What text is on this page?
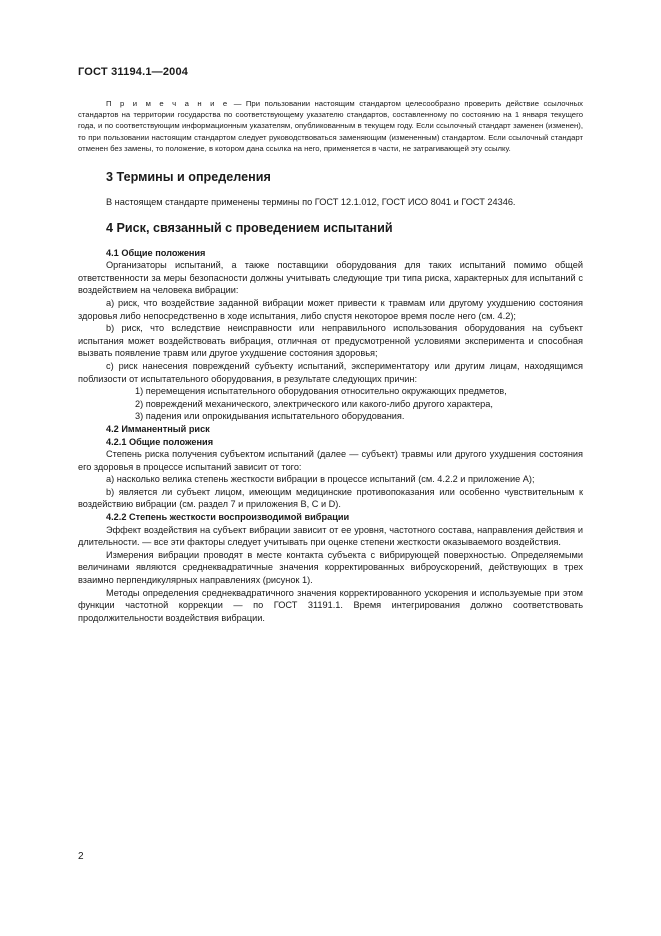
ГОСТ 31194.1—2004

П р и м е ч а н и е — При пользовании настоящим стандартом целесообразно проверить действие ссылочных стандартов на территории государства по соответствующему указателю стандартов, составленному по состоянию на 1 января текущего года, и по соответствующим информационным указателям, опубликованным в текущем году. Если ссылочный стандарт заменен (изменен), то при пользовании настоящим стандартом следует руководствоваться заменяющим (измененным) стандартом. Если ссылочный стандарт отменен без замены, то положение, в котором дана ссылка на него, применяется в части, не затрагивающей эту ссылку.

3 Термины и определения

В настоящем стандарте применены термины по ГОСТ 12.1.012, ГОСТ ИСО 8041 и ГОСТ 24346.

4 Риск, связанный с проведением испытаний

4.1 Общие положения

Организаторы испытаний, а также поставщики оборудования для таких испытаний помимо общей ответственности за меры безопасности должны учитывать следующие три типа риска, характерных для испытаний с воздействием на человека вибрации:

а) риск, что воздействие заданной вибрации может привести к травмам или другому ухудшению состояния здоровья либо непосредственно в ходе испытания, либо спустя некоторое время после него (см. 4.2);

b) риск, что вследствие неисправности или неправильного использования оборудования на субъект испытания может воздействовать вибрация, отличная от предусмотренной условиями эксперимента и способная вызвать появление травм или другое ухудшение состояния здоровья;

с) риск нанесения повреждений субъекту испытаний, экспериментатору или другим лицам, находящимся поблизости от испытательного оборудования, в результате следующих причин:

1) перемещения испытательного оборудования относительно окружающих предметов,

2) повреждений механического, электрического или какого-либо другого характера,

3) падения или опрокидывания испытательного оборудования.

4.2 Имманентный риск

4.2.1 Общие положения

Степень риска получения субъектом испытаний (далее — субъект) травмы или другого ухудшения состояния его здоровья в процессе испытаний зависит от того:

а) насколько велика степень жесткости вибрации в процессе испытаний (см. 4.2.2 и приложение А);

b) является ли субъект лицом, имеющим медицинские противопоказания или особенно чувствительным к воздействию вибрации (см. раздел 7 и приложения В, С и D).

4.2.2 Степень жесткости воспроизводимой вибрации

Эффект воздействия на субъект вибрации зависит от ее уровня, частотного состава, направления действия и длительности. — все эти факторы следует учитывать при оценке степени жесткости оказываемого воздействия.

Измерения вибрации проводят в месте контакта субъекта с вибрирующей поверхностью. Определяемыми величинами являются среднеквадратичные значения корректированных виброускорений, действующих в трех взаимно перпендикулярных направлениях (рисунок 1).

Методы определения среднеквадратичного значения корректированного ускорения и используемые при этом функции частотной коррекции — по ГОСТ 31191.1. Время интегрирования должно соответствовать продолжительности воздействия вибрации.

2
